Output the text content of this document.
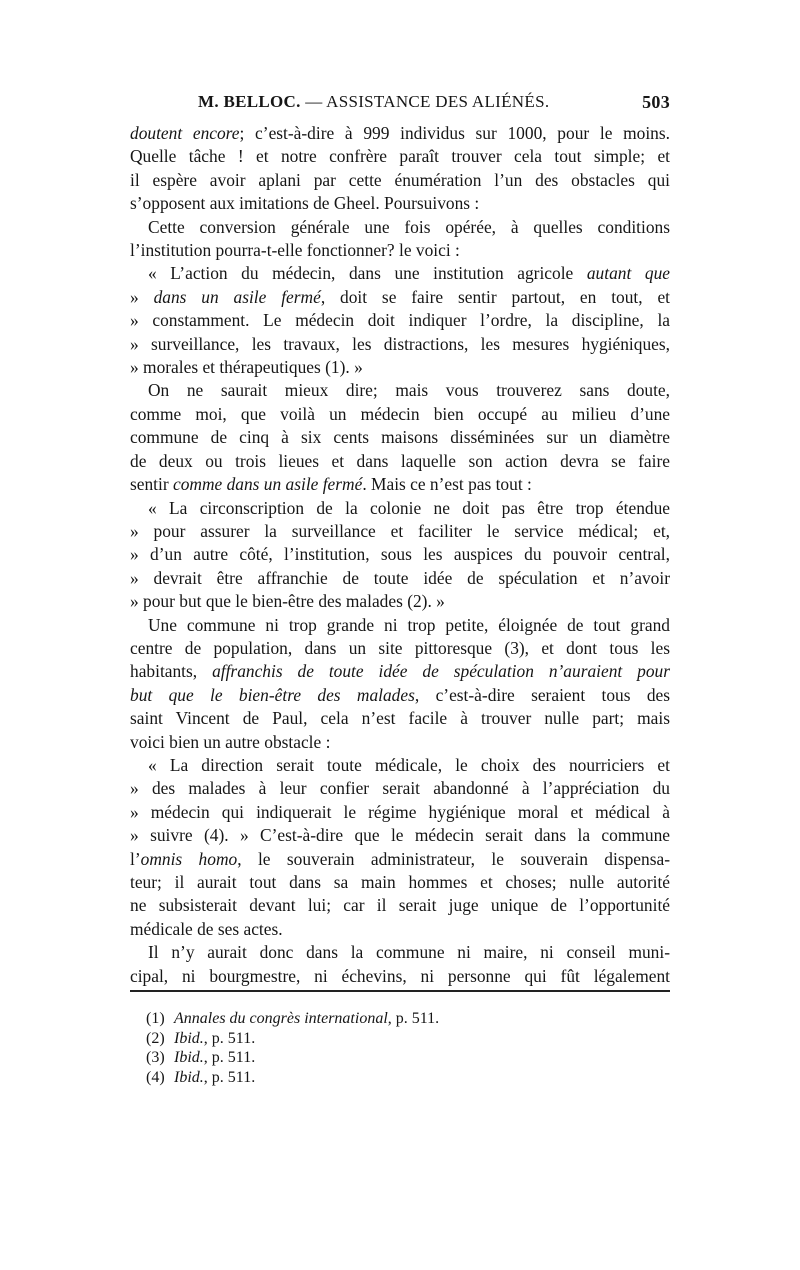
M. BELLOC. — ASSISTANCE DES ALIÉNÉS.	503

doutent encore; c’est-à-dire à 999 individus sur 1000, pour le moins.
Quelle tâche ! et notre confrère paraît trouver cela tout simple; et
il espère avoir aplani par cette énumération l’un des obstacles qui
s’opposent aux imitations de Gheel. Poursuivons :

Cette conversion générale une fois opérée, à quelles conditions
l’institution pourra-t-elle fonctionner? le voici :

« L’action du médecin, dans une institution agricole autant que
» dans un asile fermé, doit se faire sentir partout, en tout, et
» constamment. Le médecin doit indiquer l’ordre, la discipline, la
» surveillance, les travaux, les distractions, les mesures hygiéniques,
» morales et thérapeutiques (1). »

On ne saurait mieux dire; mais vous trouverez sans doute,
comme moi, que voilà un médecin bien occupé au milieu d’une
commune de cinq à six cents maisons disséminées sur un diamètre
de deux ou trois lieues et dans laquelle son action devra se faire
sentir comme dans un asile fermé. Mais ce n’est pas tout :

« La circonscription de la colonie ne doit pas être trop étendue
» pour assurer la surveillance et faciliter le service médical; et,
» d’un autre côté, l’institution, sous les auspices du pouvoir central,
» devrait être affranchie de toute idée de spéculation et n’avoir
» pour but que le bien-être des malades (2). »

Une commune ni trop grande ni trop petite, éloignée de tout grand
centre de population, dans un site pittoresque (3), et dont tous les
habitants, affranchis de toute idée de spéculation n’auraient pour
but que le bien-être des malades, c’est-à-dire seraient tous des
saint Vincent de Paul, cela n’est facile à trouver nulle part; mais
voici bien un autre obstacle :

« La direction serait toute médicale, le choix des nourriciers et
» des malades à leur confier serait abandonné à l’appréciation du
» médecin qui indiquerait le régime hygiénique moral et médical à
» suivre (4). » C’est-à-dire que le médecin serait dans la commune
l’omnis homo, le souverain administrateur, le souverain dispensa-
teur; il aurait tout dans sa main hommes et choses; nulle autorité
ne subsisterait devant lui; car il serait juge unique de l’opportunité
médicale de ses actes.

Il n’y aurait donc dans la commune ni maire, ni conseil muni-
cipal, ni bourgmestre, ni échevins, ni personne qui fût légalement

(1) Annales du congrès international, p. 511.
(2) Ibid., p. 511.
(3) Ibid., p. 511.
(4) Ibid., p. 511.
